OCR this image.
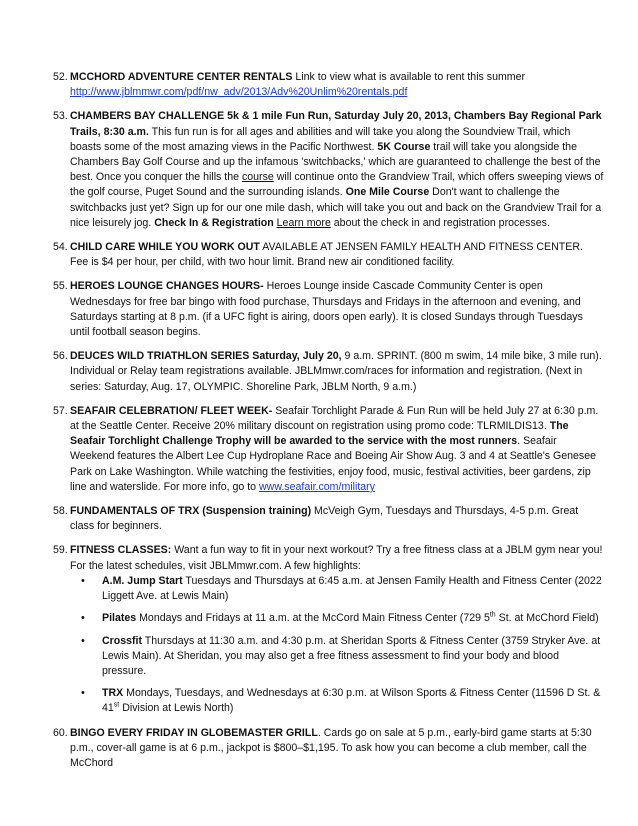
52. MCCHORD ADVENTURE CENTER RENTALS Link to view what is available to rent this summer
http://www.jblmmwr.com/pdf/nw_adv/2013/Adv%20Unlim%20rentals.pdf
53. CHAMBERS BAY CHALLENGE 5k & 1 mile Fun Run, Saturday July 20, 2013, Chambers Bay Regional Park Trails, 8:30 a.m. This fun run is for all ages and abilities and will take you along the Soundview Trail, which boasts some of the most amazing views in the Pacific Northwest. 5K Course trail will take you alongside the Chambers Bay Golf Course and up the infamous 'switchbacks,' which are guaranteed to challenge the best of the best. Once you conquer the hills the course will continue onto the Grandview Trail, which offers sweeping views of the golf course, Puget Sound and the surrounding islands. One Mile Course Don't want to challenge the switchbacks just yet? Sign up for our one mile dash, which will take you out and back on the Grandview Trail for a nice leisurely jog. Check In & Registration Learn more about the check in and registration processes.
54. CHILD CARE WHILE YOU WORK OUT AVAILABLE AT JENSEN FAMILY HEALTH AND FITNESS CENTER. Fee is $4 per hour, per child, with two hour limit. Brand new air conditioned facility.
55. HEROES LOUNGE CHANGES HOURS- Heroes Lounge inside Cascade Community Center is open Wednesdays for free bar bingo with food purchase, Thursdays and Fridays in the afternoon and evening, and Saturdays starting at 8 p.m. (if a UFC fight is airing, doors open early). It is closed Sundays through Tuesdays until football season begins.
56. DEUCES WILD TRIATHLON SERIES Saturday, July 20, 9 a.m. SPRINT. (800 m swim, 14 mile bike, 3 mile run). Individual or Relay team registrations available. JBLMmwr.com/races for information and registration. (Next in series: Saturday, Aug. 17, OLYMPIC. Shoreline Park, JBLM North, 9 a.m.)
57. SEAFAIR CELEBRATION/ FLEET WEEK- Seafair Torchlight Parade & Fun Run will be held July 27 at 6:30 p.m. at the Seattle Center. Receive 20% military discount on registration using promo code: TLRMILDIS13. The Seafair Torchlight Challenge Trophy will be awarded to the service with the most runners. Seafair Weekend features the Albert Lee Cup Hydroplane Race and Boeing Air Show Aug. 3 and 4 at Seattle's Genesee Park on Lake Washington. While watching the festivities, enjoy food, music, festival activities, beer gardens, zip line and waterslide. For more info, go to www.seafair.com/military
58. FUNDAMENTALS OF TRX (Suspension training) McVeigh Gym, Tuesdays and Thursdays, 4-5 p.m. Great class for beginners.
59. FITNESS CLASSES: Want a fun way to fit in your next workout? Try a free fitness class at a JBLM gym near you! For the latest schedules, visit JBLMmwr.com. A few highlights:
• A.M. Jump Start Tuesdays and Thursdays at 6:45 a.m. at Jensen Family Health and Fitness Center (2022 Liggett Ave. at Lewis Main)
• Pilates Mondays and Fridays at 11 a.m. at the McCord Main Fitness Center (729 5th St. at McChord Field)
• Crossfit Thursdays at 11:30 a.m. and 4:30 p.m. at Sheridan Sports & Fitness Center (3759 Stryker Ave. at Lewis Main). At Sheridan, you may also get a free fitness assessment to find your body and blood pressure.
• TRX Mondays, Tuesdays, and Wednesdays at 6:30 p.m. at Wilson Sports & Fitness Center (11596 D St. & 41st Division at Lewis North)
60. BINGO EVERY FRIDAY IN GLOBEMASTER GRILL. Cards go on sale at 5 p.m., early-bird game starts at 5:30 p.m., cover-all game is at 6 p.m., jackpot is $800–$1,195. To ask how you can become a club member, call the McChord
